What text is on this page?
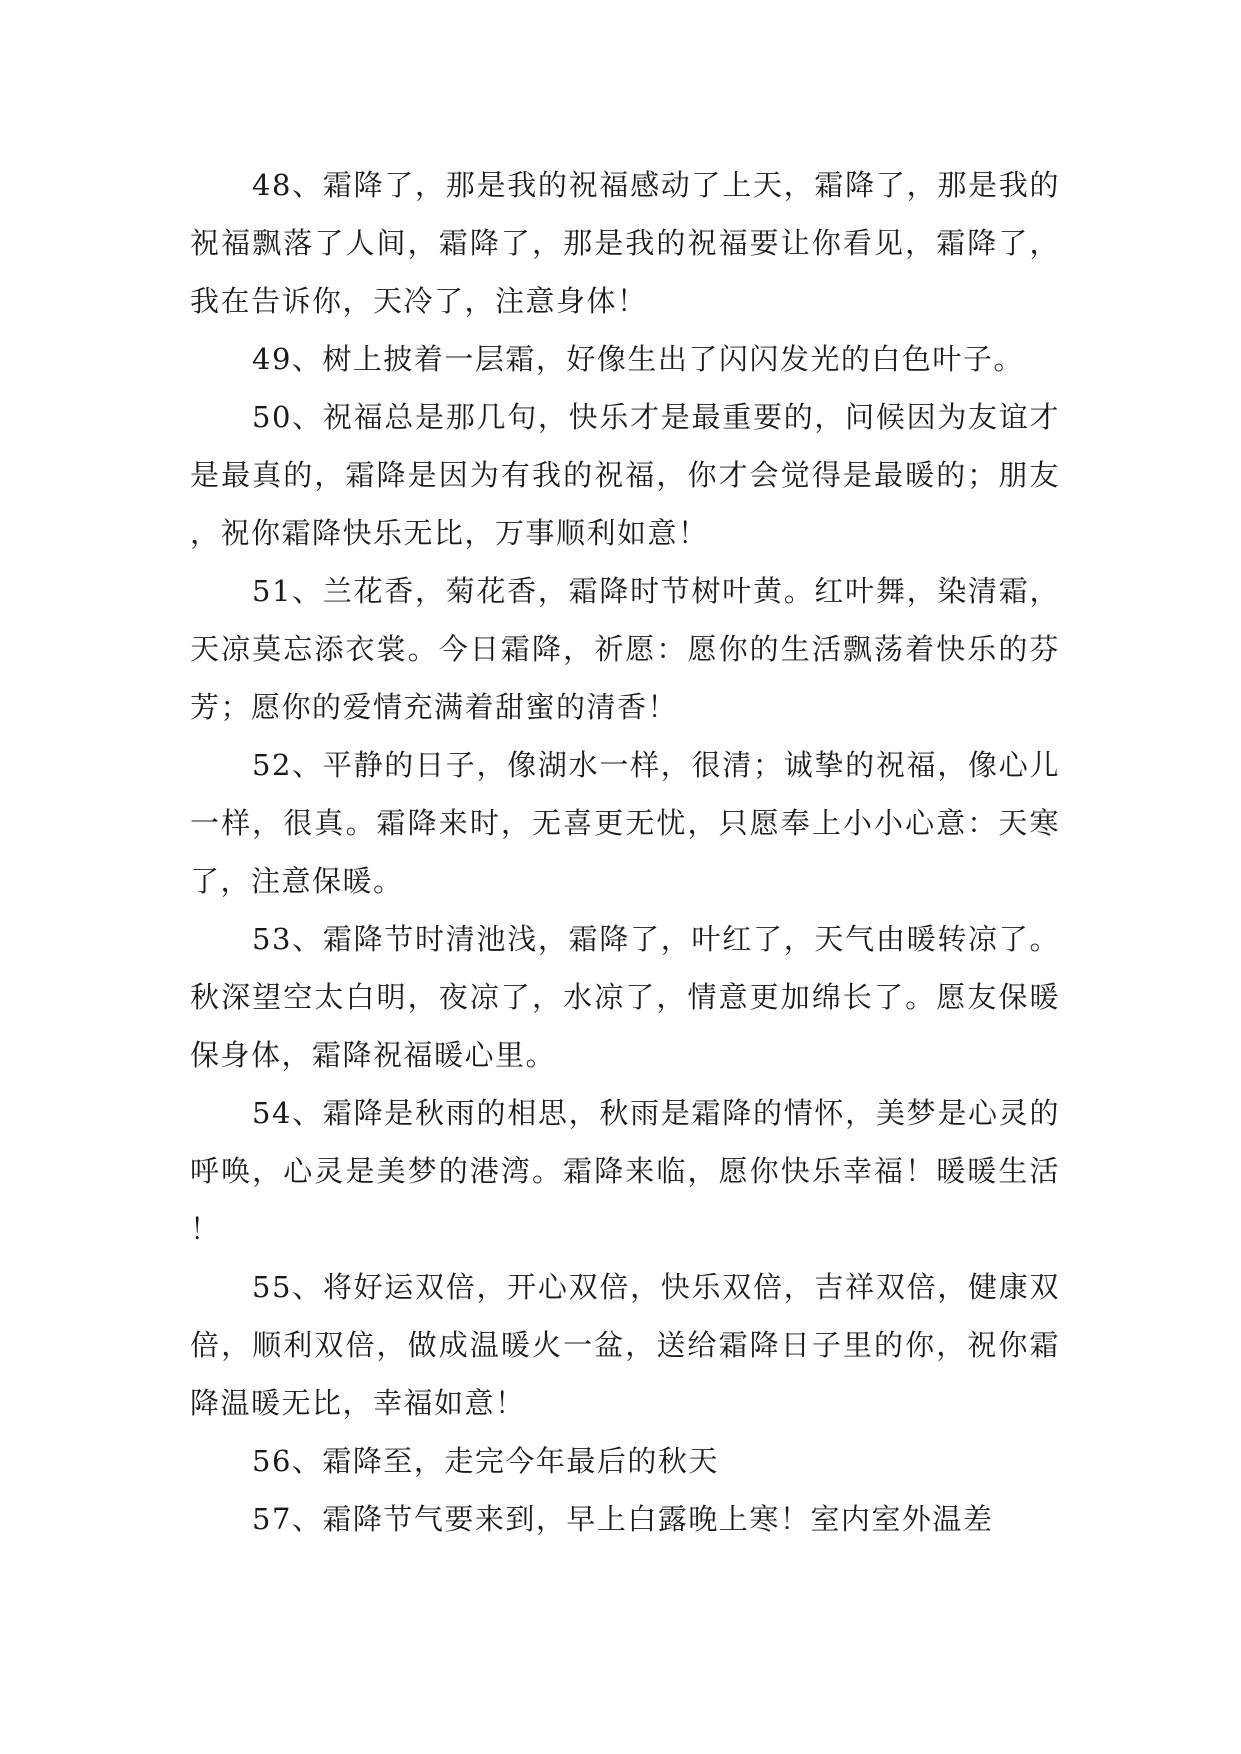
48、霜降了，那是我的祝福感动了上天，霜降了，那是我的祝福飘落了人间，霜降了，那是我的祝福要让你看见，霜降了，我在告诉你，天冷了，注意身体！

49、树上披着一层霜，好像生出了闪闪发光的白色叶子。

50、祝福总是那几句，快乐才是最重要的，问候因为友谊才是最真的，霜降是因为有我的祝福，你才会觉得是最暖的；朋友，祝你霜降快乐无比，万事顺利如意！

51、兰花香，菊花香，霜降时节树叶黄。红叶舞，染清霜，天凉莫忘添衣裳。今日霜降，祈愿：愿你的生活飘荡着快乐的芬芳；愿你的爱情充满着甜蜜的清香！

52、平静的日子，像湖水一样，很清；诚挚的祝福，像心儿一样，很真。霜降来时，无喜更无忧，只愿奉上小小心意：天寒了，注意保暖。

53、霜降节时清池浅，霜降了，叶红了，天气由暖转凉了。秋深望空太白明，夜凉了，水凉了，情意更加绵长了。愿友保暖保身体，霜降祝福暖心里。

54、霜降是秋雨的相思，秋雨是霜降的情怀，美梦是心灵的呼唤，心灵是美梦的港湾。霜降来临，愿你快乐幸福！暖暖生活！

55、将好运双倍，开心双倍，快乐双倍，吉祥双倍，健康双倍，顺利双倍，做成温暖火一盆，送给霜降日子里的你，祝你霜降温暖无比，幸福如意！

56、霜降至，走完今年最后的秋天

57、霜降节气要来到，早上白露晚上寒！室内室外温差
